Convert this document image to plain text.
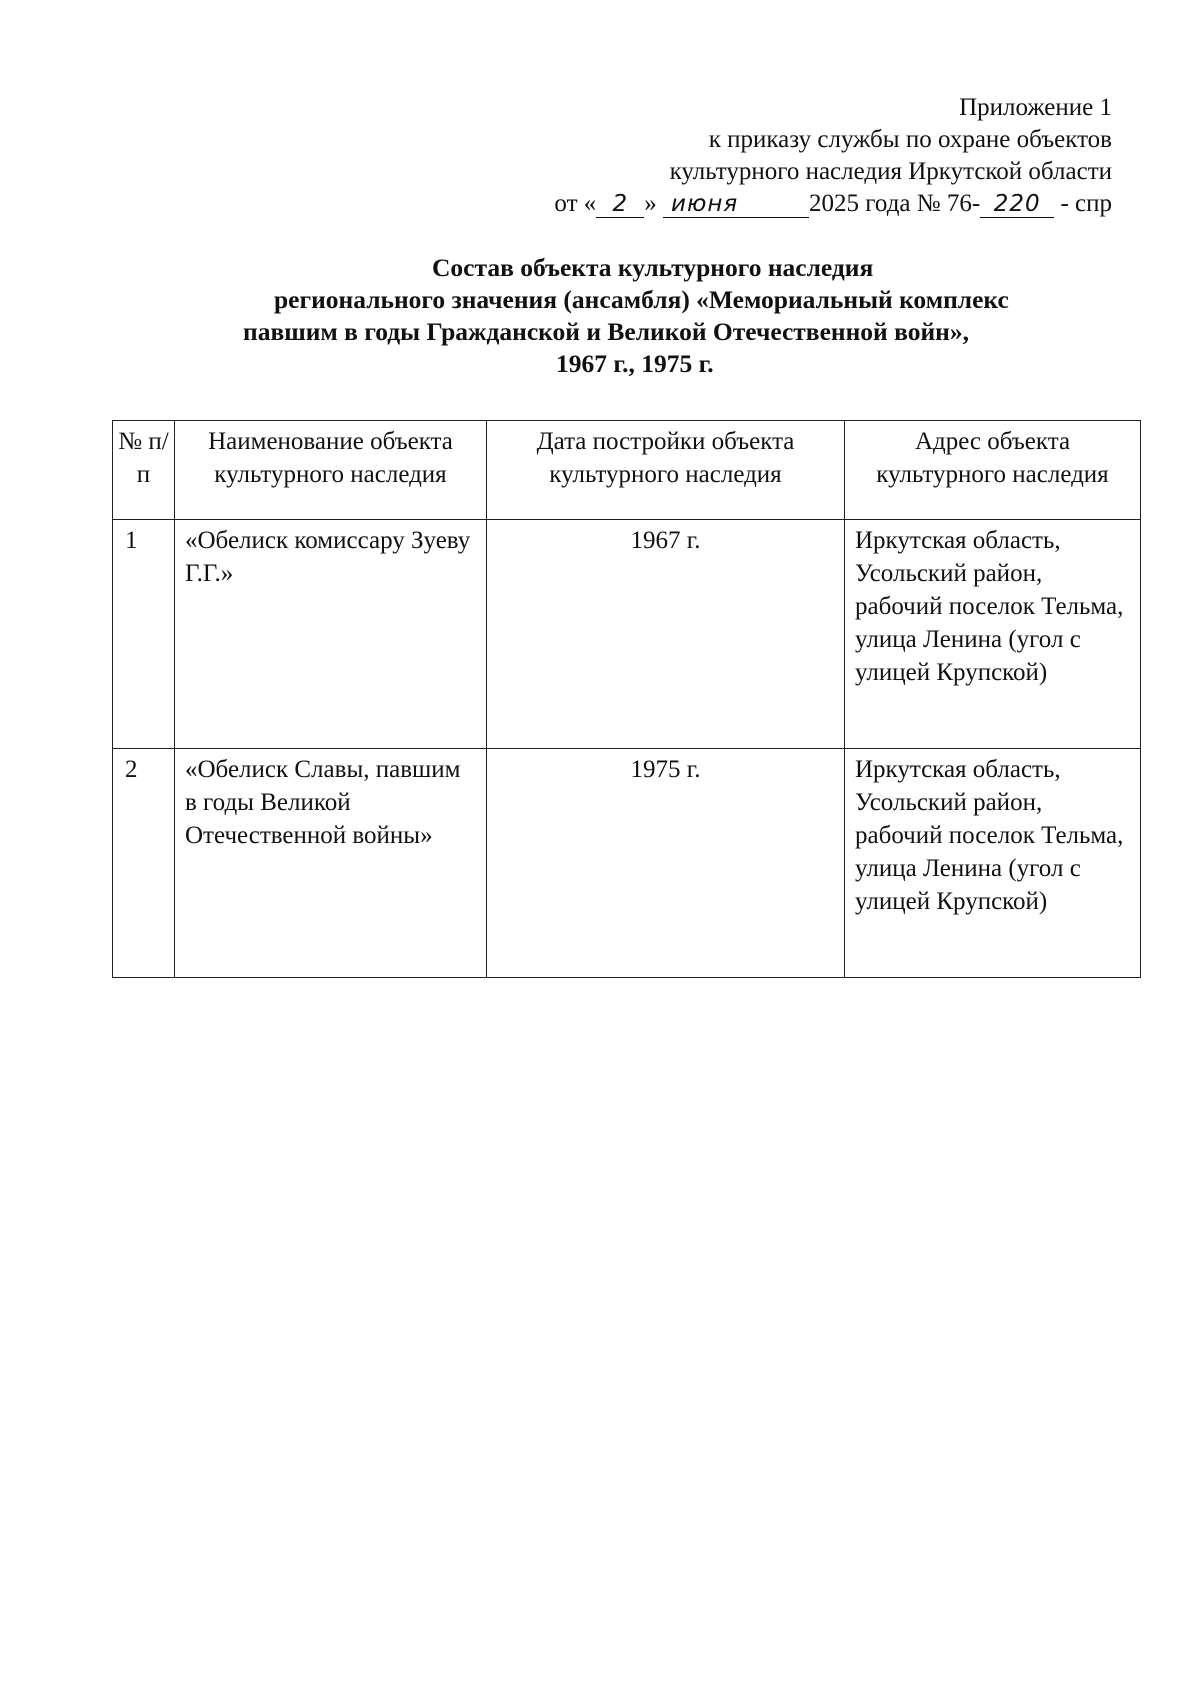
Приложение 1
к приказу службы по охране объектов
культурного наследия Иркутской области
от « 2 » июня	2025 года № 76- 220 - спр
Состав объекта культурного наследия
регионального значения (ансамбля) «Мемориальный комплекс
павшим в годы Гражданской и Великой Отечественной войн»,
1967 г., 1975 г.
№ п/п	Наименование объекта культурного наследия	Дата постройки объекта культурного наследия	Адрес объекта культурного наследия
1	«Обелиск комиссару Зуеву Г.Г.»	1967 г.	Иркутская область, Усольский район, рабочий поселок Тельма, улица Ленина (угол с улицей Крупской)
2	«Обелиск Славы, павшим в годы Великой Отечественной войны»	1975 г.	Иркутская область, Усольский район, рабочий поселок Тельма, улица Ленина (угол с улицей Крупской)
